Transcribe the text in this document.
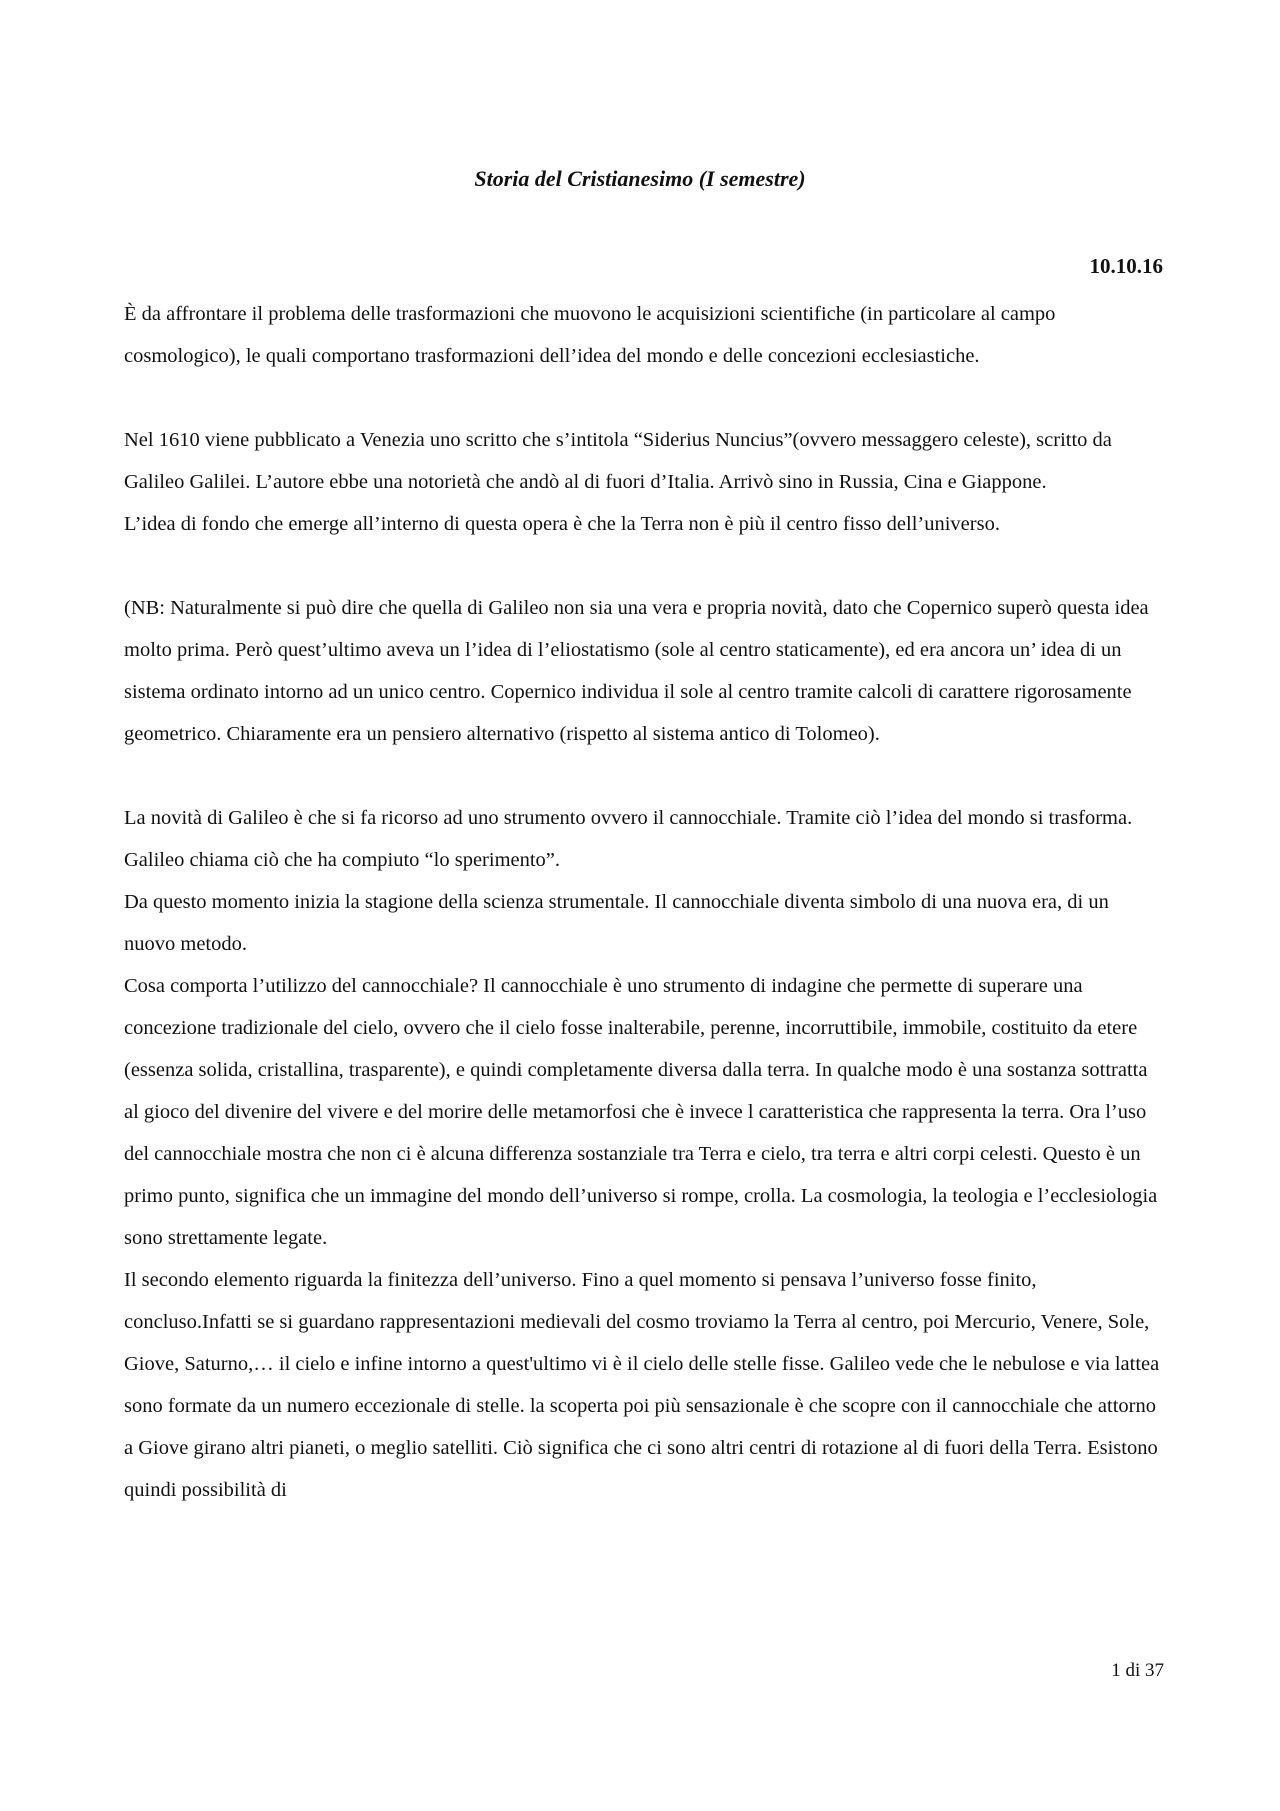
Storia del Cristianesimo (I semestre)
10.10.16

È da affrontare il problema delle trasformazioni che muovono le acquisizioni scientifiche (in particolare al campo cosmologico), le quali comportano trasformazioni dell’idea del mondo e delle concezioni ecclesiastiche.

Nel 1610 viene pubblicato a Venezia uno scritto che s’intitola “Siderius Nuncius”(ovvero messaggero celeste), scritto da Galileo Galilei. L’autore ebbe una notorietà che andò al di fuori d’Italia. Arrivò sino in Russia, Cina e Giappone.

L’idea di fondo che emerge all’interno di questa opera è che la Terra non è più il centro fisso dell’universo.

(NB: Naturalmente si può dire che quella di Galileo non sia una vera e propria novità, dato che Copernico superò questa idea molto prima. Però quest’ultimo aveva un l’idea di l’eliostatismo (sole al centro staticamente), ed era ancora un’ idea di un sistema ordinato intorno ad un unico centro. Copernico individua il sole al centro tramite calcoli di carattere rigorosamente geometrico. Chiaramente era un pensiero alternativo (rispetto al sistema antico di Tolomeo).

La novità di Galileo è che si fa ricorso ad uno strumento ovvero il cannocchiale. Tramite ciò l’idea del mondo si trasforma. Galileo chiama ciò che ha compiuto “lo sperimento”.

Da questo momento inizia la stagione della scienza strumentale. Il cannocchiale diventa simbolo di una nuova era, di un nuovo metodo.

Cosa comporta l’utilizzo del cannocchiale? Il cannocchiale è uno strumento di indagine che permette di superare una concezione tradizionale del cielo, ovvero che il cielo fosse inalterabile, perenne, incorruttibile, immobile, costituito da etere (essenza solida, cristallina, trasparente), e quindi completamente diversa dalla terra. In qualche modo è una sostanza sottratta al gioco del divenire del vivere e del morire delle metamorfosi che è invece l caratteristica che rappresenta la terra. Ora l’uso del cannocchiale mostra che non ci è alcuna differenza sostanziale tra Terra e cielo, tra terra e altri corpi celesti. Questo è un primo punto, significa che un immagine del mondo dell’universo si rompe, crolla. La cosmologia, la teologia e l’ecclesiologia sono strettamente legate.

Il secondo elemento riguarda la finitezza dell’universo. Fino a quel momento si pensava l’universo fosse finito, concluso.Infatti se si guardano rappresentazioni medievali del cosmo troviamo la Terra al centro, poi Mercurio, Venere, Sole, Giove, Saturno,… il cielo e infine intorno a quest'ultimo vi è il cielo delle stelle fisse. Galileo vede che le nebulose e via lattea sono formate da un numero eccezionale di stelle. la scoperta poi più sensazionale è che scopre con il cannocchiale che attorno a Giove girano altri pianeti, o meglio satelliti. Ciò significa che ci sono altri centri di rotazione al di fuori della Terra. Esistono quindi possibilità di

1 di 37
